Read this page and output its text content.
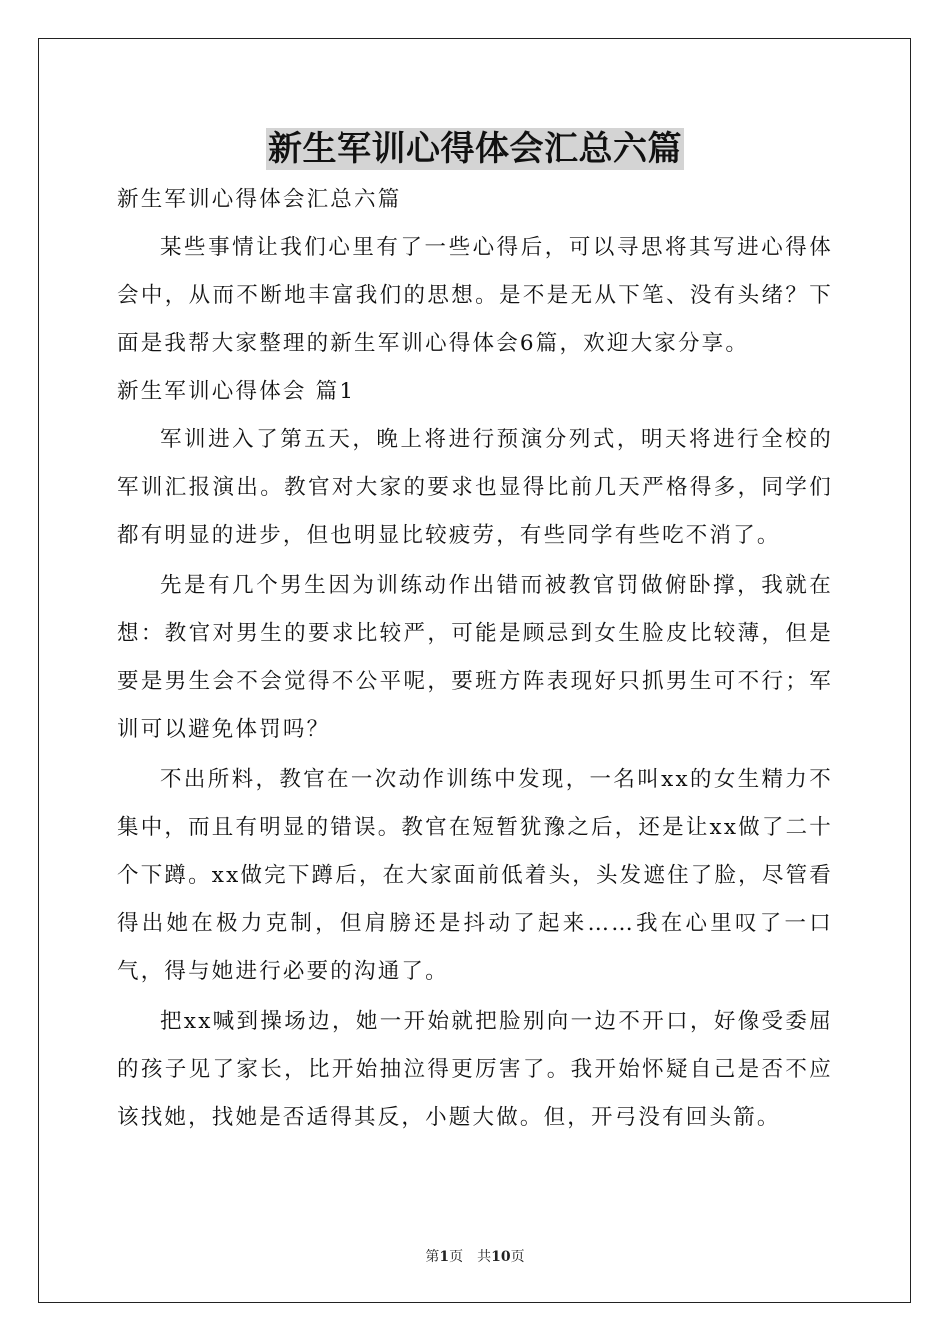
新生军训心得体会汇总六篇

新生军训心得体会汇总六篇

某些事情让我们心里有了一些心得后，可以寻思将其写进心得体会中，从而不断地丰富我们的思想。是不是无从下笔、没有头绪？下面是我帮大家整理的新生军训心得体会6篇，欢迎大家分享。

新生军训心得体会 篇1

军训进入了第五天，晚上将进行预演分列式，明天将进行全校的军训汇报演出。教官对大家的要求也显得比前几天严格得多，同学们都有明显的进步，但也明显比较疲劳，有些同学有些吃不消了。

先是有几个男生因为训练动作出错而被教官罚做俯卧撑，我就在想：教官对男生的要求比较严，可能是顾忌到女生脸皮比较薄，但是要是男生会不会觉得不公平呢，要班方阵表现好只抓男生可不行；军训可以避免体罚吗？

不出所料，教官在一次动作训练中发现，一名叫xx的女生精力不集中，而且有明显的错误。教官在短暂犹豫之后，还是让xx做了二十个下蹲。xx做完下蹲后，在大家面前低着头，头发遮住了脸，尽管看得出她在极力克制，但肩膀还是抖动了起来……我在心里叹了一口气，得与她进行必要的沟通了。

把xx喊到操场边，她一开始就把脸别向一边不开口，好像受委屈的孩子见了家长，比开始抽泣得更厉害了。我开始怀疑自己是否不应该找她，找她是否适得其反，小题大做。但，开弓没有回头箭。

第1页　共10页
